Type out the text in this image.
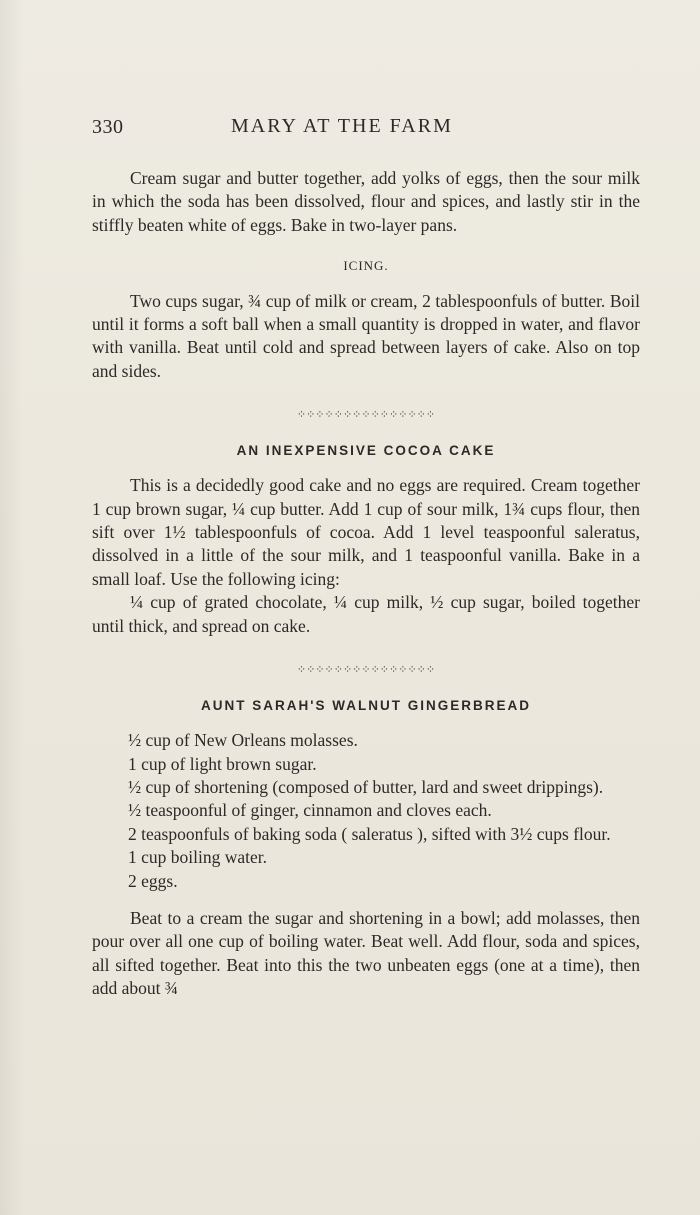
330	MARY AT THE FARM

Cream sugar and butter together, add yolks of eggs, then the sour milk in which the soda has been dissolved, flour and spices, and lastly stir in the stiffly beaten white of eggs. Bake in two-layer pans.

ICING.

Two cups sugar, ¾ cup of milk or cream, 2 tablespoonfuls of butter. Boil until it forms a soft ball when a small quantity is dropped in water, and flavor with vanilla. Beat until cold and spread between layers of cake. Also on top and sides.

⁘⁘⁘⁘⁘⁘⁘⁘⁘⁘⁘⁘⁘⁘⁘
AN INEXPENSIVE COCOA CAKE

This is a decidedly good cake and no eggs are required. Cream together 1 cup brown sugar, ¼ cup butter. Add 1 cup of sour milk, 1¾ cups flour, then sift over 1½ tablespoonfuls of cocoa. Add 1 level teaspoonful saleratus, dissolved in a little of the sour milk, and 1 teaspoonful vanilla. Bake in a small loaf. Use the following icing:

¼ cup of grated chocolate, ¼ cup milk, ½ cup sugar, boiled together until thick, and spread on cake.

⁘⁘⁘⁘⁘⁘⁘⁘⁘⁘⁘⁘⁘⁘⁘
AUNT SARAH'S WALNUT GINGERBREAD

½ cup of New Orleans molasses.

1 cup of light brown sugar.

½ cup of shortening (composed of butter, lard and sweet drippings).

½ teaspoonful of ginger, cinnamon and cloves each.

2 teaspoonfuls of baking soda ( saleratus ), sifted with 3½ cups flour.

1 cup boiling water.

2 eggs.

Beat to a cream the sugar and shortening in a bowl; add molasses, then pour over all one cup of boiling water. Beat well. Add flour, soda and spices, all sifted together. Beat into this the two unbeaten eggs (one at a time), then add about ¾
